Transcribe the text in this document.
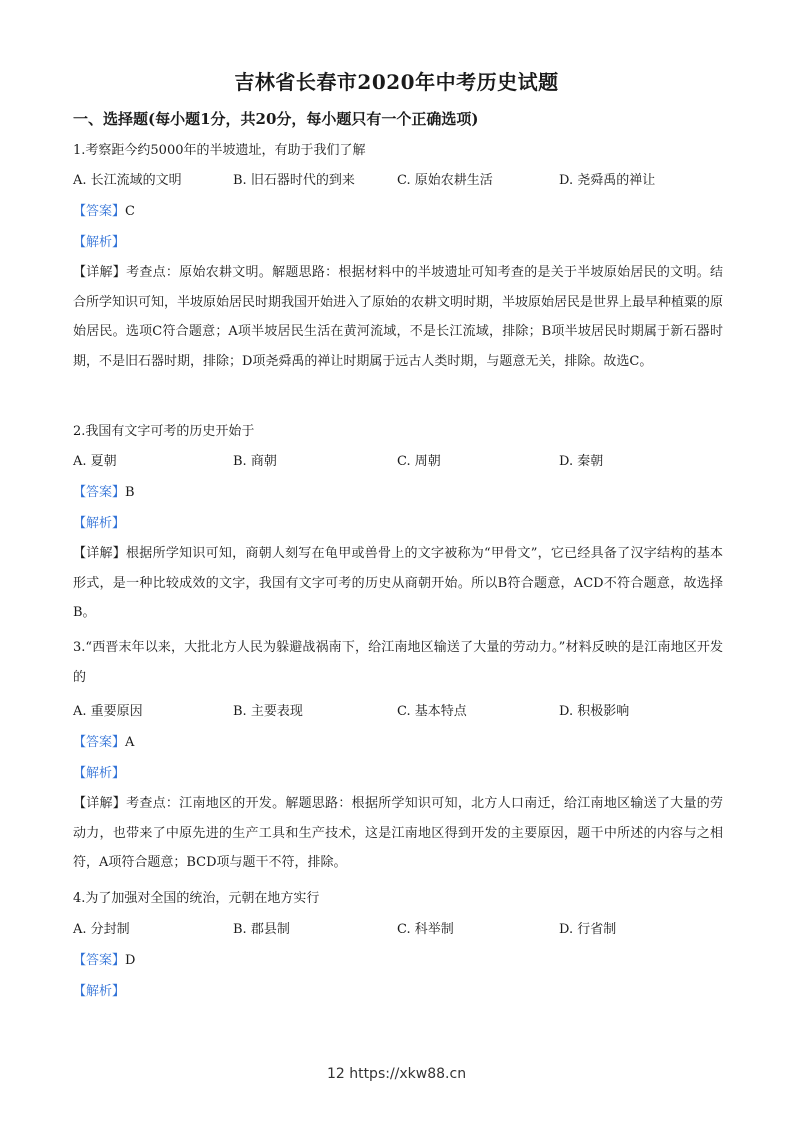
吉林省长春市2020年中考历史试题
一、选择题(每小题1分，共20分，每小题只有一个正确选项)
1.考察距今约5000年的半坡遗址，有助于我们了解
A. 长江流域的文明	B. 旧石器时代的到来	C. 原始农耕生活	D. 尧舜禹的禅让
【答案】C
【解析】
【详解】考查点：原始农耕文明。解题思路：根据材料中的半坡遗址可知考查的是关于半坡原始居民的文明。结合所学知识可知，半坡原始居民时期我国开始进入了原始的农耕文明时期，半坡原始居民是世界上最早种植粟的原始居民。选项C符合题意；A项半坡居民生活在黄河流域，不是长江流域，排除；B项半坡居民时期属于新石器时期，不是旧石器时期，排除；D项尧舜禹的禅让时期属于远古人类时期，与题意无关，排除。故选C。
2.我国有文字可考的历史开始于
A. 夏朝	B. 商朝	C. 周朝	D. 秦朝
【答案】B
【解析】
【详解】根据所学知识可知，商朝人刻写在龟甲或兽骨上的文字被称为“甲骨文”，它已经具备了汉字结构的基本形式，是一种比较成效的文字，我国有文字可考的历史从商朝开始。所以B符合题意，ACD不符合题意，故选择B。
3.“西晋末年以来，大批北方人民为躲避战祸南下，给江南地区输送了大量的劳动力。”材料反映的是江南地区开发的
A. 重要原因	B. 主要表现	C. 基本特点	D. 积极影响
【答案】A
【解析】
【详解】考查点：江南地区的开发。解题思路：根据所学知识可知，北方人口南迁，给江南地区输送了大量的劳动力，也带来了中原先进的生产工具和生产技术，这是江南地区得到开发的主要原因，题干中所述的内容与之相符，A项符合题意；BCD项与题干不符，排除。
4.为了加强对全国的统治，元朝在地方实行
A. 分封制	B. 郡县制	C. 科举制	D. 行省制
【答案】D
【解析】
12 https://xkw88.cn
